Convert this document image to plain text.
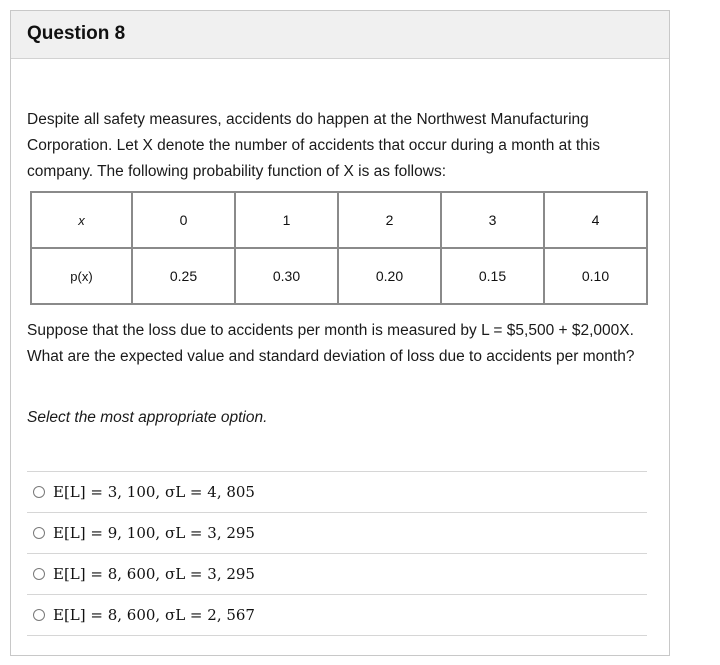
Question 8
Despite all safety measures, accidents do happen at the Northwest Manufacturing Corporation. Let X denote the number of accidents that occur during a month at this company. The following probability function of X is as follows:
x	0	1	2	3	4
p(x)	0.25	0.30	0.20	0.15	0.10
Suppose that the loss due to accidents per month is measured by L = $5,500 + $2,000X. What are the expected value and standard deviation of loss due to accidents per month?
Select the most appropriate option.
E[L] = 3, 100, σL = 4, 805
E[L] = 9, 100, σL = 3, 295
E[L] = 8, 600, σL = 3, 295
E[L] = 8, 600, σL = 2, 567
